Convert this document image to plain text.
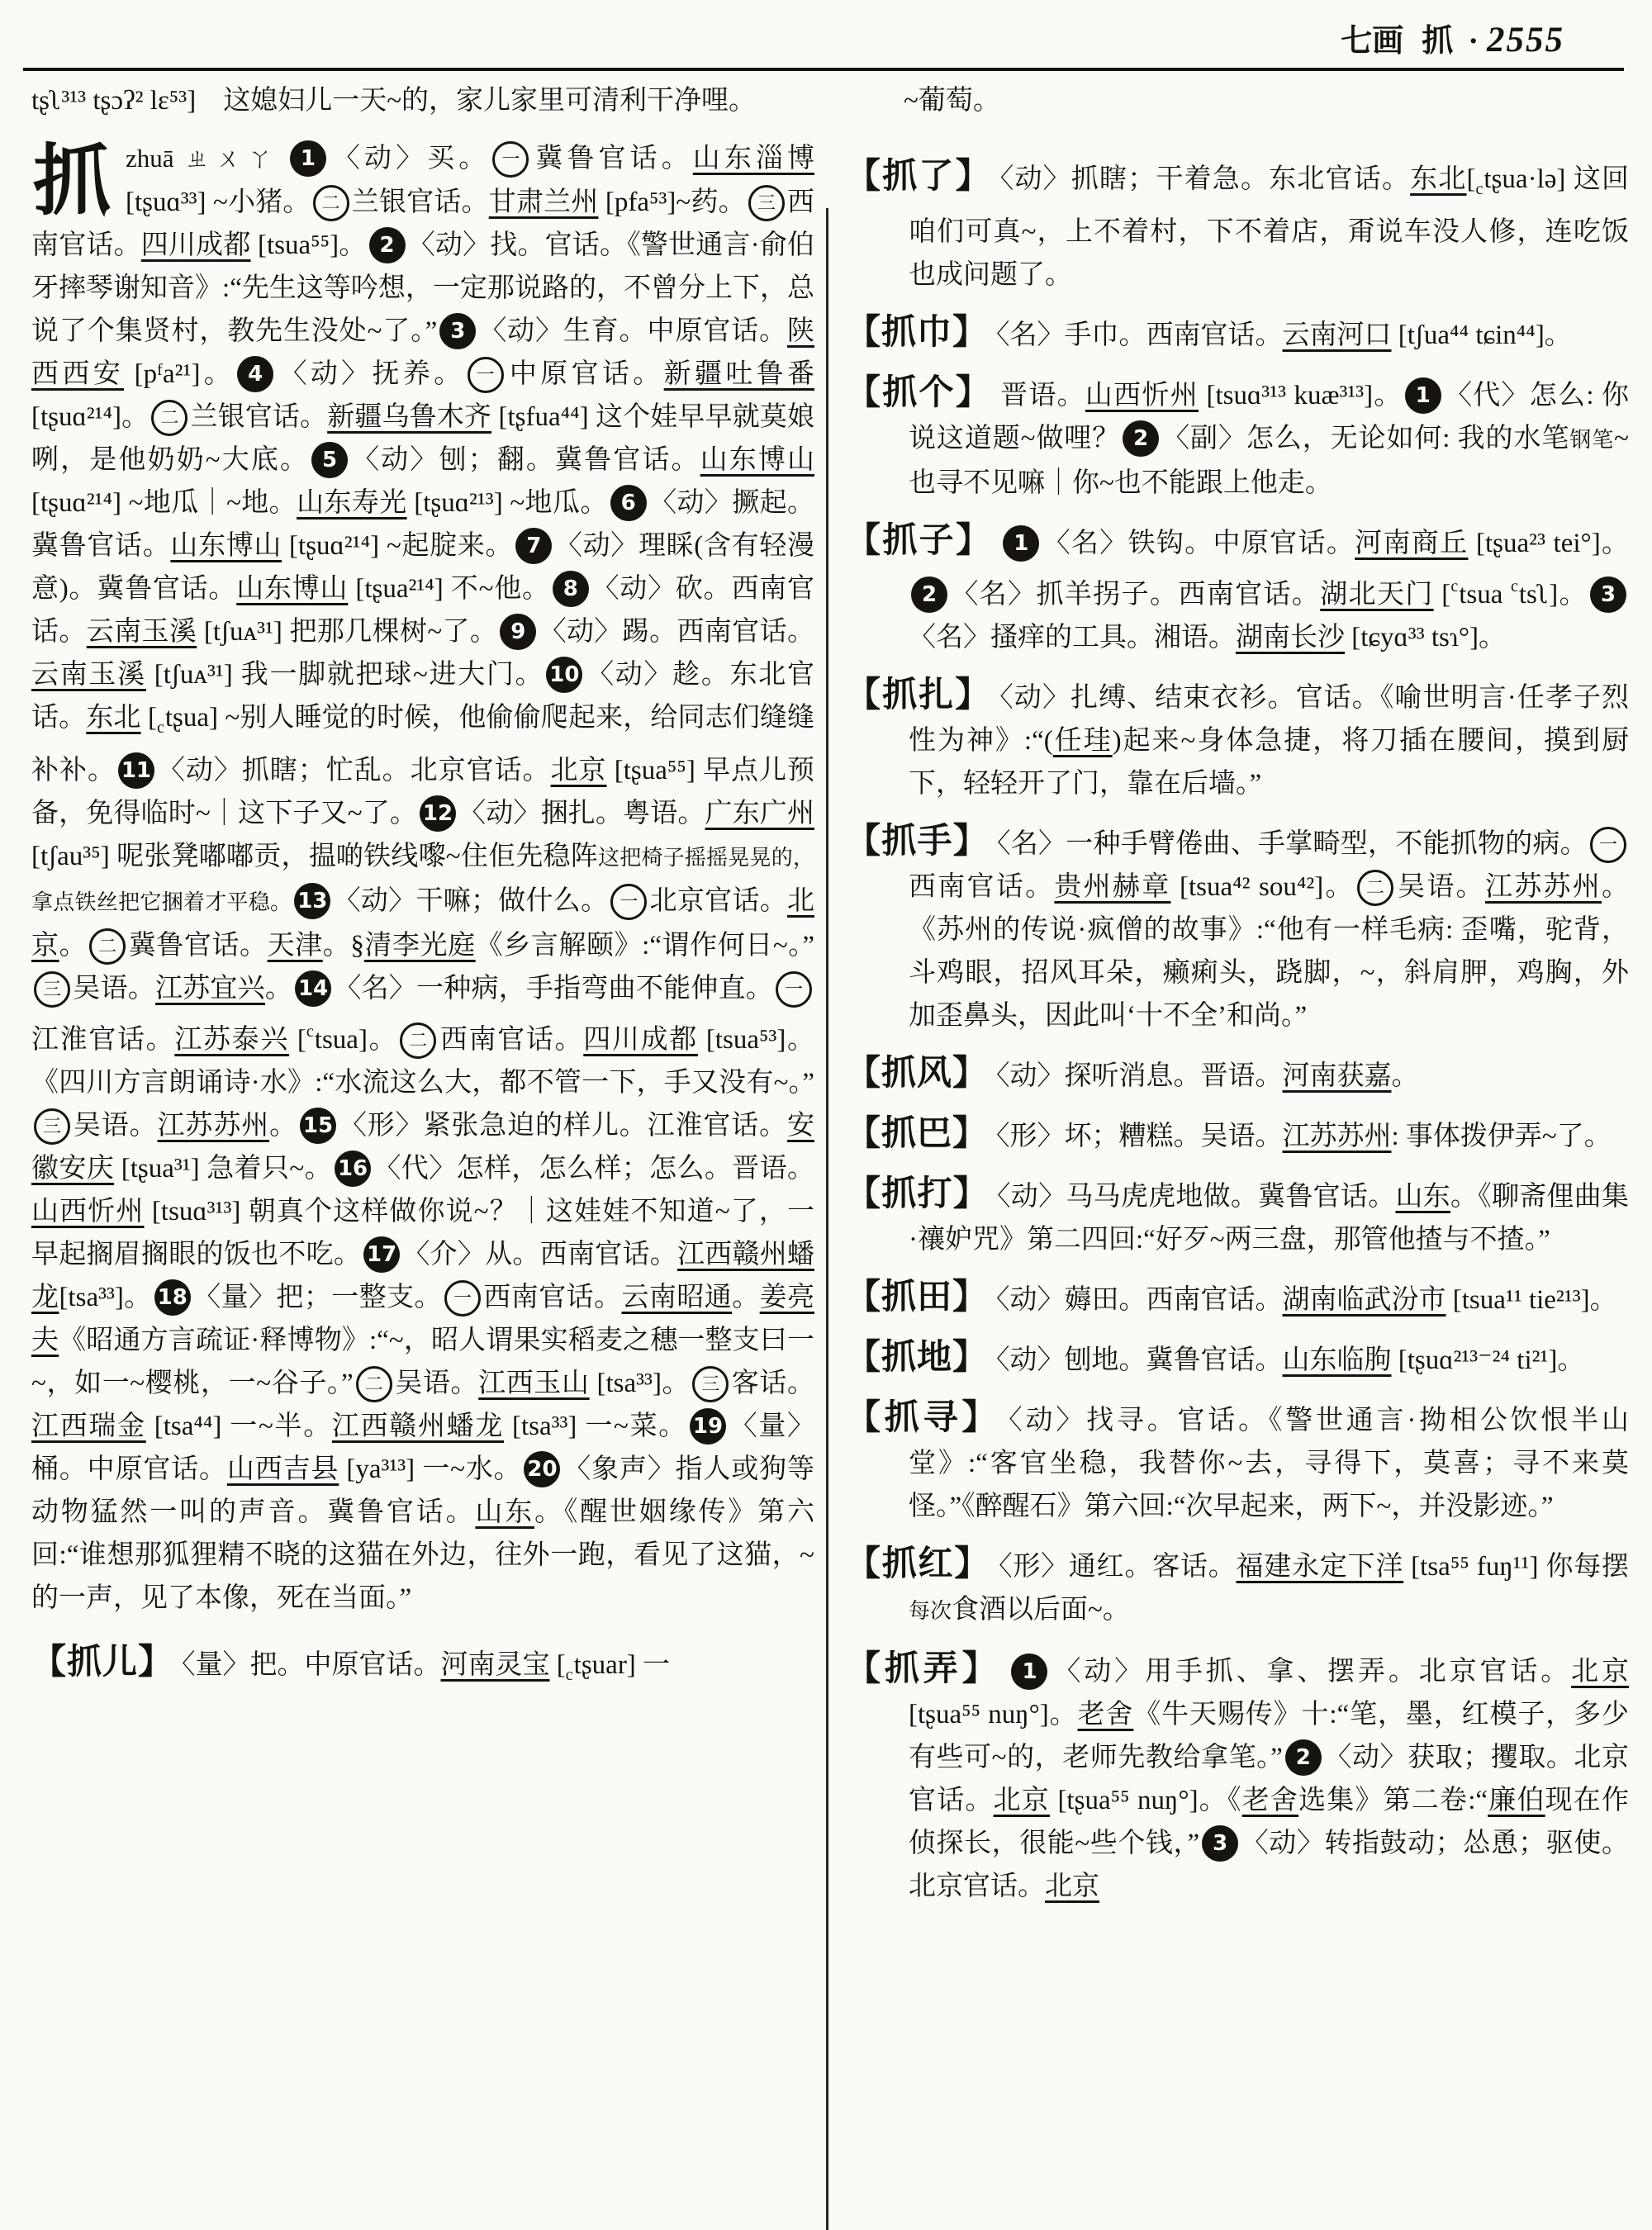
七画 抓 · 2555

tʂʅ³¹³ tʂɔʔ² lɛ⁵³]　这媳妇儿一天~的，家儿家里可清利干净哩。

抓zhuā ㄓㄨㄚ 1 〈动〉买。 一 冀鲁官话。山东淄博 [tʂuɑ³³] ~小猪。 二 兰银官话。甘肃兰州 [pfa⁵³]~药。 三 西南官话。四川成都 [tsua⁵⁵]。 2 〈动〉找。官话。《警世通言·俞伯牙摔琴谢知音》:“先生这等吟想，一定那说路的，不曾分上下，总说了个集贤村，教先生没处~了。” 3 〈动〉生育。中原官话。陕西西安 [pᶠa²¹]。 4 〈动〉抚养。 一 中原官话。新疆吐鲁番 [tʂuɑ²¹⁴]。 二 兰银官话。新疆乌鲁木齐 [tʂfua⁴⁴] 这个娃早早就莫娘咧，是他奶奶~大底。 5 〈动〉刨；翻。冀鲁官话。山东博山 [tʂuɑ²¹⁴] ~地瓜｜~地。山东寿光 [tʂuɑ²¹³] ~地瓜。 6 〈动〉撅起。冀鲁官话。山东博山 [tʂuɑ²¹⁴] ~起腚来。 7 〈动〉理睬(含有轻漫意)。冀鲁官话。山东博山 [tʂua²¹⁴] 不~他。 8 〈动〉砍。西南官话。云南玉溪 [tʃuᴀ³¹] 把那几棵树~了。 9 〈动〉踢。西南官话。云南玉溪 [tʃuᴀ³¹] 我一脚就把球~进大门。 10 〈动〉趁。东北官话。东北 $[_ctʂua]$ ~别人睡觉的时候，他偷偷爬起来，给同志们缝缝补补。 11 〈动〉抓瞎；忙乱。北京官话。北京 [tʂua⁵⁵] 早点儿预备，免得临时~｜这下子又~了。 12 〈动〉捆扎。粤语。广东广州 [tʃau³⁵] 呢张凳嘟嘟贡，揾啲铁线嚟~住佢先稳阵这把椅子摇摇晃晃的，拿点铁丝把它捆着才平稳。 13 〈动〉干嘛；做什么。 一 北京官话。北京。 二 冀鲁官话。天津。§清李光庭《乡言解颐》:“谓作何日~。”三 吴语。江苏宜兴。 14 〈名〉一种病，手指弯曲不能伸直。 一江淮官话。江苏泰兴 [$^c$tsua]。 二 西南官话。四川成都 [tsua⁵³]。《四川方言朗诵诗·水》:“水流这么大，都不管一下，手又没有~。”三 吴语。江苏苏州。 15 〈形〉紧张急迫的样儿。江淮官话。安徽安庆 [tʂua³¹] 急着只~。 16 〈代〉怎样，怎么样；怎么。晋语。山西忻州 [tsuɑ³¹³] 朝真个这样做你说~？｜这娃娃不知道~了，一早起搁眉搁眼的饭也不吃。 17 〈介〉从。西南官话。江西赣州蟠龙[tsa³³]。 18 〈量〉把；一整支。 一 西南官话。云南昭通。姜亮夫《昭通方言疏证·释博物》:“~，昭人谓果实稻麦之穗一整支曰一~，如一~樱桃，一~谷子。” 二 吴语。江西玉山 [tsa³³]。 三 客话。江西瑞金 [tsa⁴⁴] 一~半。江西赣州蟠龙 [tsa³³] 一~菜。 19 〈量〉桶。中原官话。山西吉县 [ya³¹³] 一~水。 20 〈象声〉指人或狗等动物猛然一叫的声音。冀鲁官话。山东。《醒世姻缘传》第六回:“谁想那狐狸精不晓的这猫在外边，往外一跑，看见了这猫，~的一声，见了本像，死在当面。”

【抓儿】 〈量〉把。中原官话。河南灵宝 $[_ctʂuar]$ 一

~葡萄。

【抓了】 〈动〉抓瞎；干着急。东北官话。东北$[_ctʂua\cdot lə]$ 这回咱们可真~，上不着村，下不着店，甭说车没人修，连吃饭也成问题了。

【抓巾】 〈名〉手巾。西南官话。云南河口 [tʃua⁴⁴ tɕin⁴⁴]。

【抓个】 晋语。山西忻州 [tsuɑ³¹³ kuæ³¹³]。 1 〈代〉怎么: 你说这道题~做哩？ 2 〈副〉怎么，无论如何: 我的水笔钢笔~也寻不见嘛｜你~也不能跟上他走。

【抓子】 1 〈名〉铁钩。中原官话。河南商丘 [tʂua²³ tei°]。2 〈名〉抓羊拐子。西南官话。湖北天门 [$^c$tsua $^c$tsʅ]。 3〈名〉搔痒的工具。湘语。湖南长沙 [tɕyɑ³³ tsɿ°]。

【抓扎】 〈动〉扎缚、结束衣衫。官话。《喻世明言·任孝子烈性为神》:“(任珪)起来~身体急捷，将刀插在腰间，摸到厨下，轻轻开了门，靠在后墙。”

【抓手】 〈名〉一种手臂倦曲、手掌畸型，不能抓物的病。 一西南官话。贵州赫章 [tsua⁴² sou⁴²]。 二 吴语。江苏苏州。《苏州的传说·疯僧的故事》:“他有一样毛病: 歪嘴，驼背，斗鸡眼，招风耳朵，癞痢头，跷脚，~，斜肩胛，鸡胸，外加歪鼻头，因此叫‘十不全’和尚。”

【抓风】 〈动〉探听消息。晋语。河南获嘉。

【抓巴】 〈形〉坏；糟糕。吴语。江苏苏州: 事体拨伊弄~了。

【抓打】 〈动〉马马虎虎地做。冀鲁官话。山东。《聊斋俚曲集·禳妒咒》第二四回:“好歹~两三盘，那管他揸与不揸。”

【抓田】 〈动〉薅田。西南官话。湖南临武汾市 [tsua¹¹ tie²¹³]。

【抓地】 〈动〉刨地。冀鲁官话。山东临朐 [tʂuɑ²¹³⁻²⁴ ti²¹]。

【抓寻】 〈动〉找寻。官话。《警世通言·拗相公饮恨半山堂》:“客官坐稳，我替你~去，寻得下，莫喜；寻不来莫怪。”《醉醒石》第六回:“次早起来，两下~，并没影迹。”

【抓红】 〈形〉通红。客话。福建永定下洋 [tsa⁵⁵ fuŋ¹¹] 你每摆每次食酒以后面~。

【抓弄】 1 〈动〉用手抓、拿、摆弄。北京官话。北京 [tʂua⁵⁵ nuŋ°]。老舍《牛天赐传》十:“笔，墨，红模子，多少有些可~的，老师先教给拿笔。” 2 〈动〉获取；攫取。北京官话。北京 [tʂua⁵⁵ nuŋ°]。《老舍选集》第二卷:“廉伯现在作侦探长，很能~些个钱，” 3 〈动〉转指鼓动；怂恿；驱使。北京官话。北京
